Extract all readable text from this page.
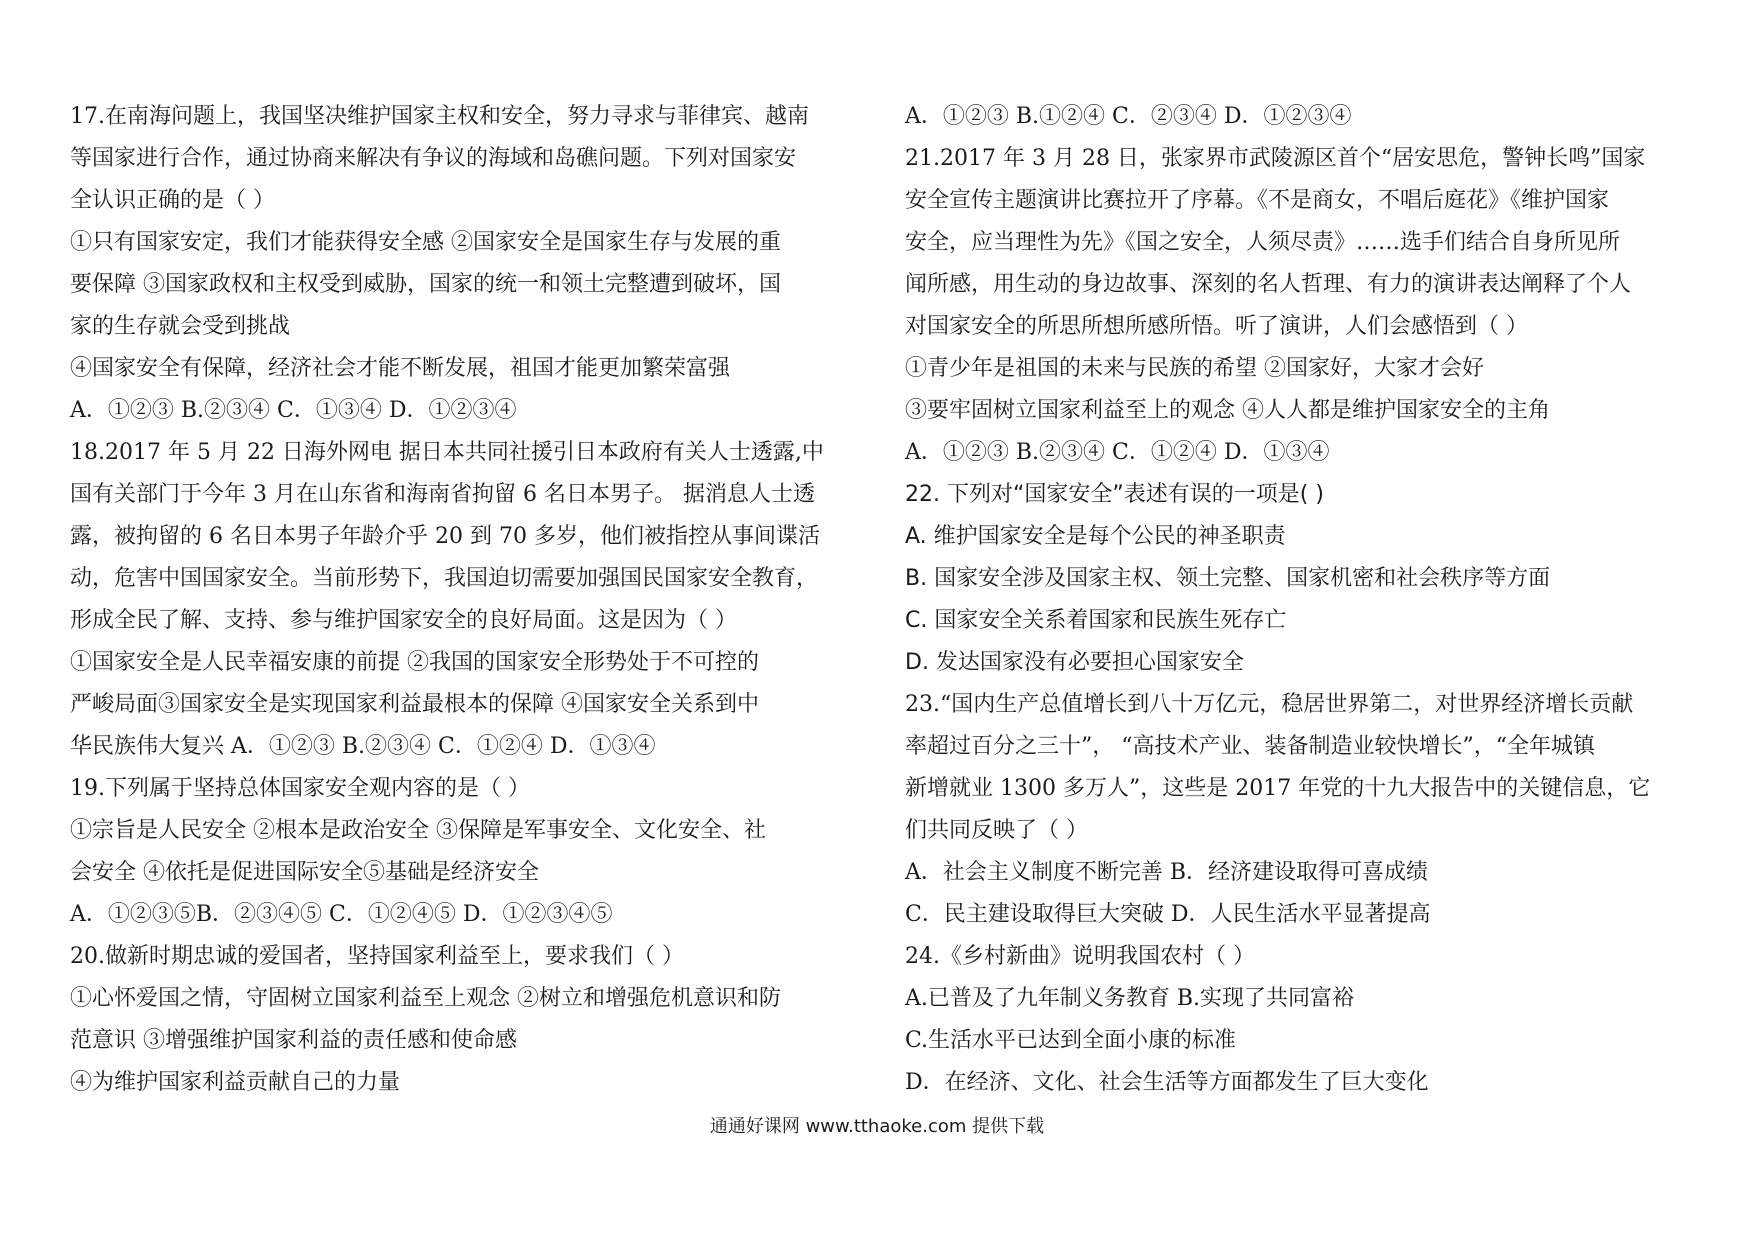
17.在南海问题上，我国坚决维护国家主权和安全，努力寻求与菲律宾、越南
等国家进行合作，通过协商来解决有争议的海域和岛礁问题。下列对国家安
全认识正确的是（ ）
①只有国家安定，我们才能获得安全感 ②国家安全是国家生存与发展的重
要保障 ③国家政权和主权受到威胁，国家的统一和领土完整遭到破坏，国
家的生存就会受到挑战
④国家安全有保障，经济社会才能不断发展，祖国才能更加繁荣富强
A．①②③ B.②③④ C．①③④ D．①②③④
18.2017 年 5 月 22 日海外网电 据日本共同社援引日本政府有关人士透露,中
国有关部门于今年 3 月在山东省和海南省拘留 6 名日本男子。 据消息人士透
露，被拘留的 6 名日本男子年龄介乎 20 到 70 多岁，他们被指控从事间谍活
动，危害中国国家安全。当前形势下，我国迫切需要加强国民国家安全教育，
形成全民了解、支持、参与维护国家安全的良好局面。这是因为（ ）
①国家安全是人民幸福安康的前提 ②我国的国家安全形势处于不可控的
严峻局面③国家安全是实现国家利益最根本的保障 ④国家安全关系到中
华民族伟大复兴 A．①②③ B.②③④ C．①②④ D．①③④
19.下列属于坚持总体国家安全观内容的是（ ）
①宗旨是人民安全 ②根本是政治安全 ③保障是军事安全、文化安全、社
会安全 ④依托是促进国际安全⑤基础是经济安全
A．①②③⑤B．②③④⑤ C．①②④⑤ D．①②③④⑤
20.做新时期忠诚的爱国者，坚持国家利益至上，要求我们（ ）
①心怀爱国之情，守固树立国家利益至上观念 ②树立和增强危机意识和防
范意识 ③增强维护国家利益的责任感和使命感
④为维护国家利益贡献自己的力量
A．①②③ B.①②④ C．②③④ D．①②③④
21.2017 年 3 月 28 日，张家界市武陵源区首个“居安思危，警钟长鸣”国家
安全宣传主题演讲比赛拉开了序幕。《不是商女，不唱后庭花》《维护国家
安全，应当理性为先》《国之安全，人须尽责》……选手们结合自身所见所
闻所感，用生动的身边故事、深刻的名人哲理、有力的演讲表达阐释了个人
对国家安全的所思所想所感所悟。听了演讲，人们会感悟到（ ）
①青少年是祖国的未来与民族的希望 ②国家好，大家才会好
③要牢固树立国家利益至上的观念 ④人人都是维护国家安全的主角
A．①②③ B.②③④ C．①②④ D．①③④
22. 下列对“国家安全”表述有误的一项是( )
A. 维护国家安全是每个公民的神圣职责
B. 国家安全涉及国家主权、领土完整、国家机密和社会秩序等方面
C. 国家安全关系着国家和民族生死存亡
D. 发达国家没有必要担心国家安全
23.“国内生产总值增长到八十万亿元，稳居世界第二，对世界经济增长贡献
率超过百分之三十”， “高技术产业、装备制造业较快增长”，“全年城镇
新增就业 1300 多万人”，这些是 2017 年党的十九大报告中的关键信息，它
们共同反映了（ ）
A．社会主义制度不断完善 B．经济建设取得可喜成绩
C．民主建设取得巨大突破 D．人民生活水平显著提高
24.《乡村新曲》说明我国农村（ ）
A.已普及了九年制义务教育 B.实现了共同富裕
C.生活水平已达到全面小康的标准
D．在经济、文化、社会生活等方面都发生了巨大变化
通通好课网 www.tthaoke.com 提供下载
